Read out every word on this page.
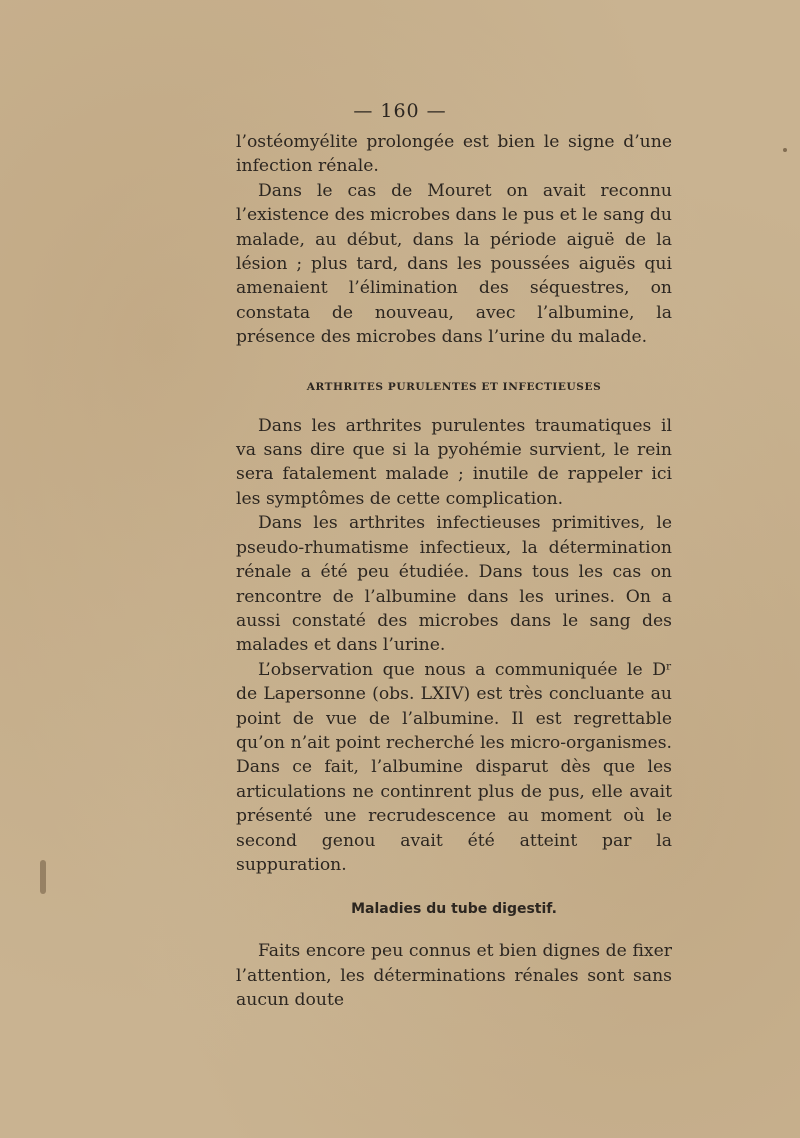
— 160 —

l’ostéomyélite prolongée est bien le signe d’une infection rénale.

Dans le cas de Mouret on avait reconnu l’existence des microbes dans le pus et le sang du malade, au début, dans la période aiguë de la lésion ; plus tard, dans les poussées aiguës qui amenaient l’élimination des séquestres, on constata de nouveau, avec l’albumine, la présence des microbes dans l’urine du malade.

ARTHRITES PURULENTES ET INFECTIEUSES

Dans les arthrites purulentes traumatiques il va sans dire que si la pyohémie survient, le rein sera fatalement malade ; inutile de rappeler ici les symptômes de cette complication.

Dans les arthrites infectieuses primitives, le pseudo-rhumatisme infectieux, la détermination rénale a été peu étudiée. Dans tous les cas on rencontre de l’albumine dans les urines. On a aussi constaté des microbes dans le sang des malades et dans l’urine.

L’observation que nous a communiquée le Dʳ de Lapersonne (obs. LXIV) est très concluante au point de vue de l’albumine. Il est regrettable qu’on n’ait point recherché les micro-organismes. Dans ce fait, l’albumine disparut dès que les articulations ne continrent plus de pus, elle avait présenté une recrudescence au moment où le second genou avait été atteint par la suppuration.

Maladies du tube digestif.

Faits encore peu connus et bien dignes de fixer l’attention, les déterminations rénales sont sans aucun doute
